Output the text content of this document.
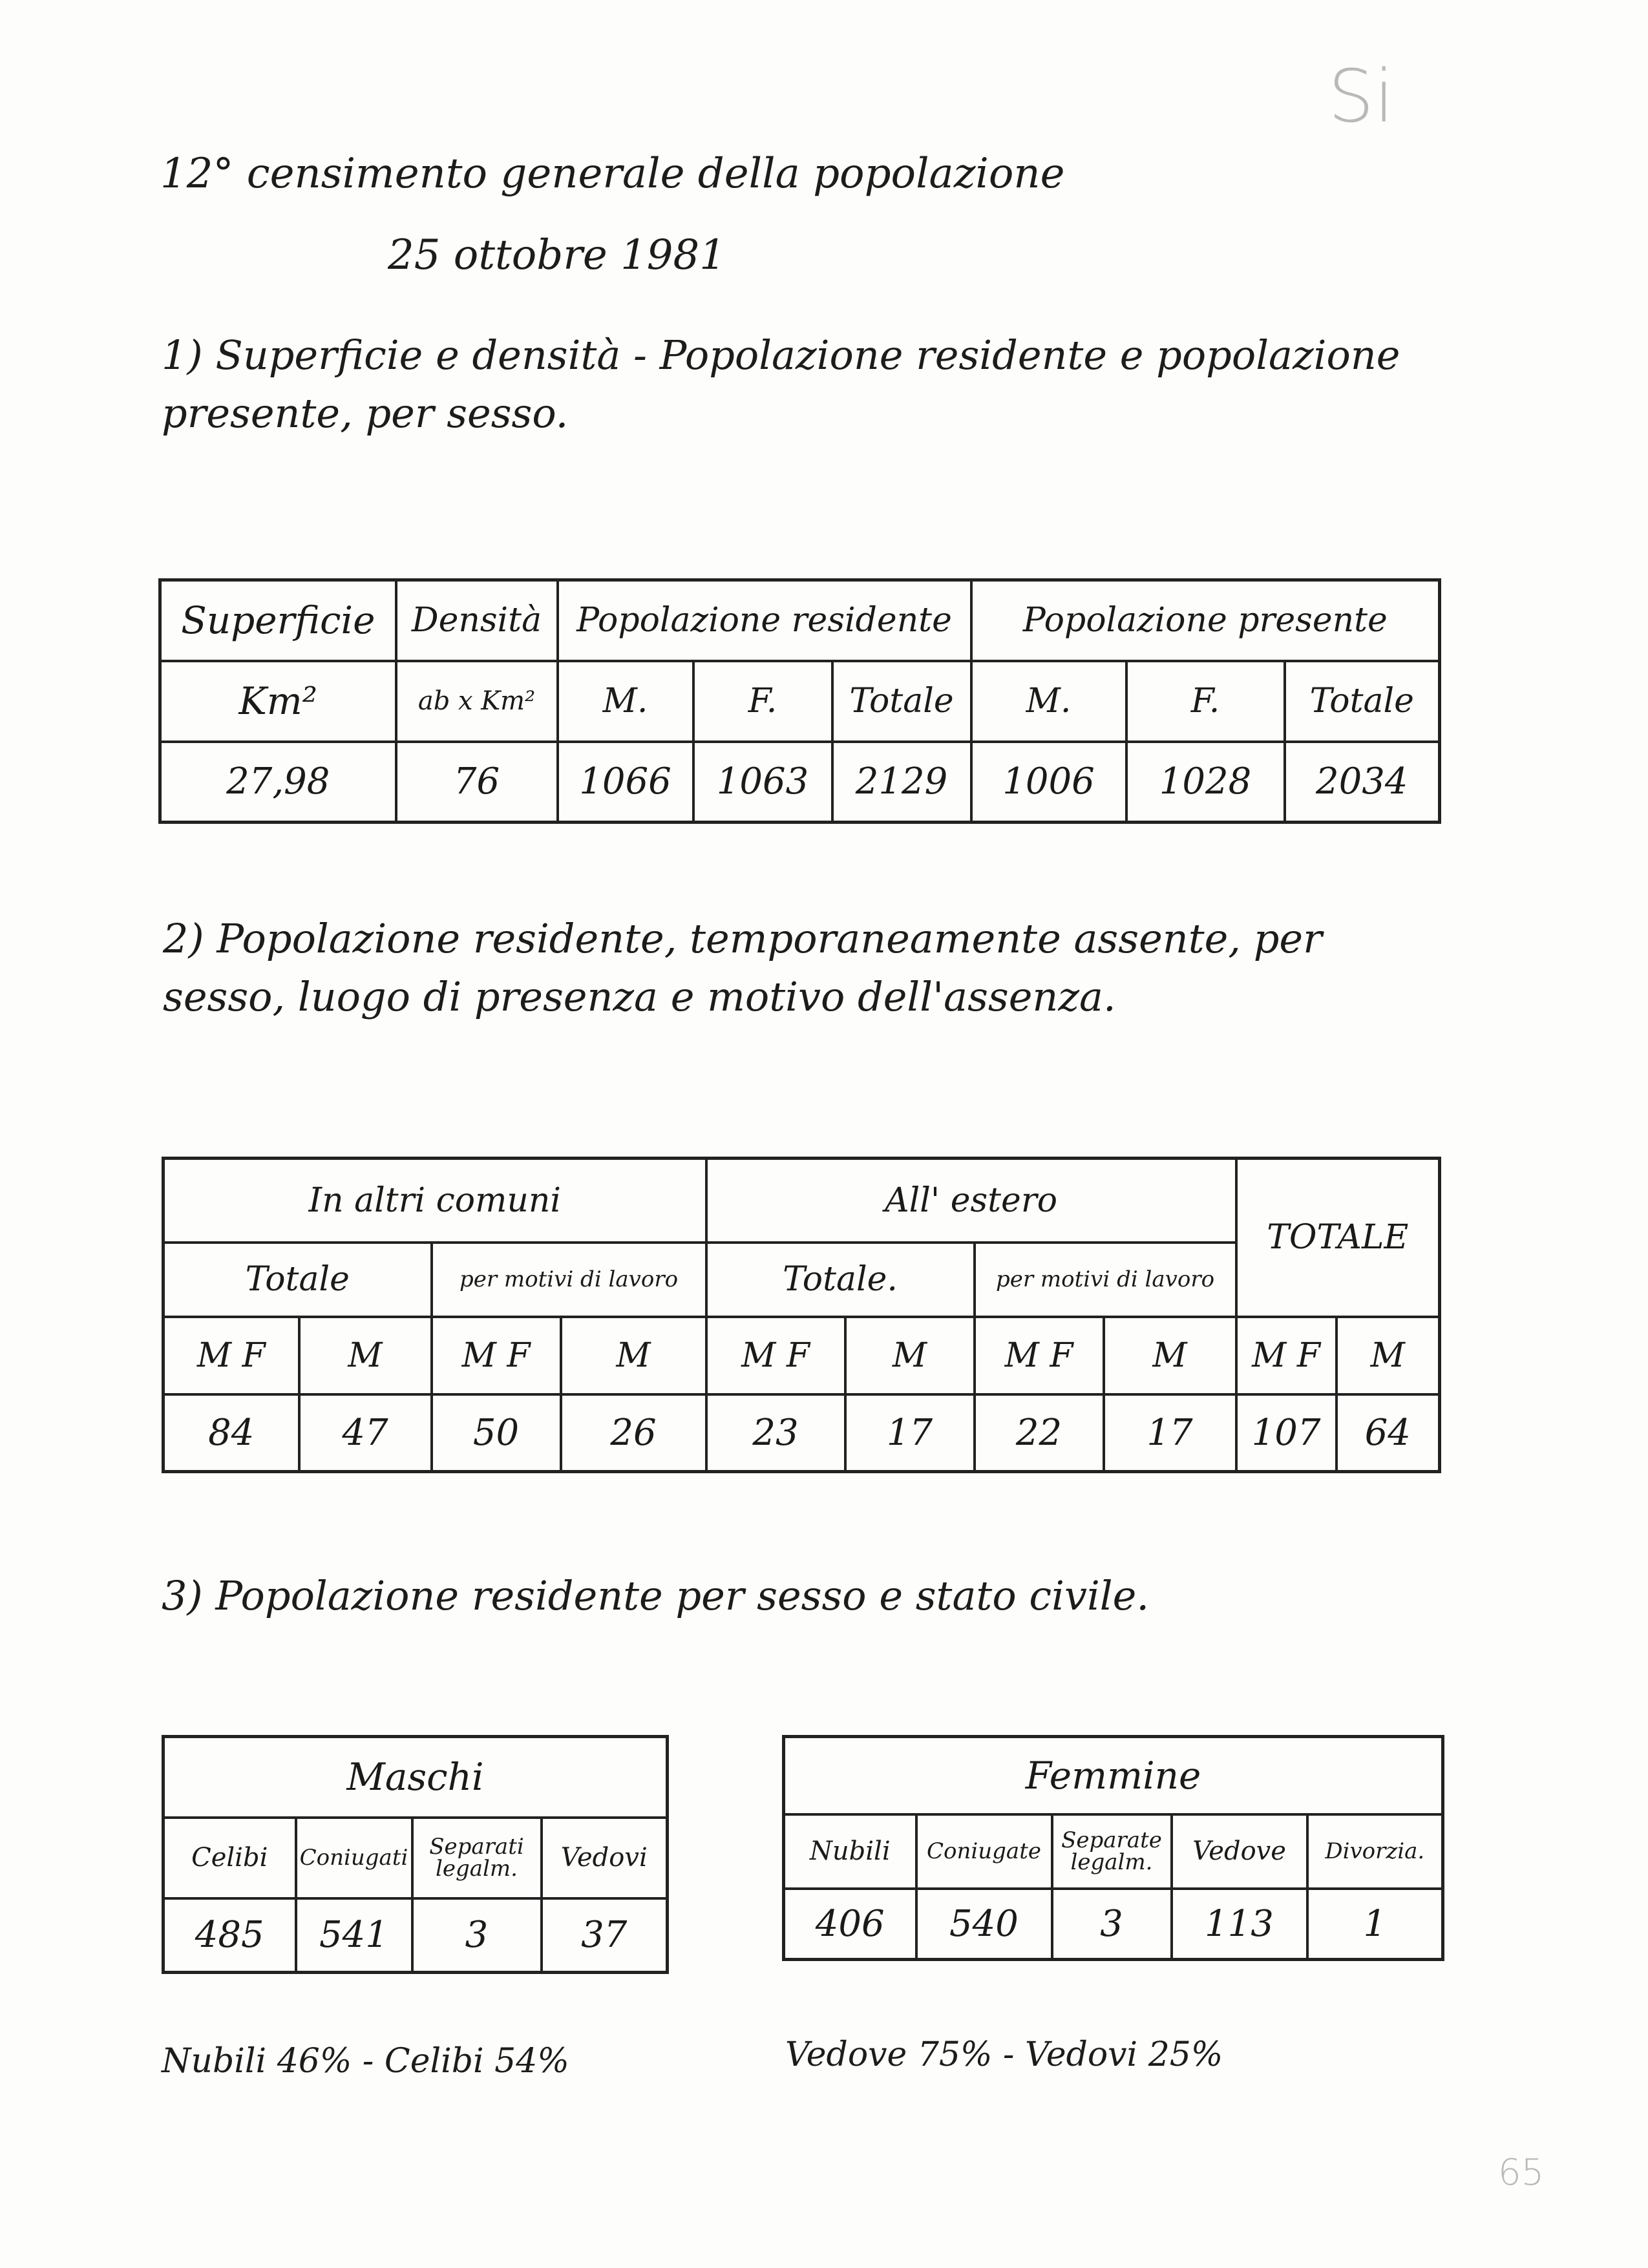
Si
12° censimento generale della popolazione
25 ottobre 1981
1) Superficie e densità - Popolazione residente e popolazione presente, per sesso.
Superficie	Densità	Popolazione residente			Popolazione presente		
Km²	ab x Km²	M.	F.	Totale	M.	F.	Totale
27,98	76	1066	1063	2129	1006	1028	2034
2) Popolazione residente, temporaneamente assente, per sesso, luogo di presenza e motivo dell'assenza.
In altri comuni				All' estero				TOTALE	
Totale		per motivi di lavoro		Totale.		per motivi di lavoro			
M F	M	M F	M	M F	M	M F	M	M F	M
84	47	50	26	23	17	22	17	107	64
3) Popolazione residente per sesso e stato civile.
Maschi			
Celibi	Coniugati	Separati legalm.	Vedovi
485	541	3	37
Femmine				
Nubili	Coniugate	Separate legalm.	Vedove	Divorzia.
406	540	3	113	1
Nubili 46% - Celibi 54%	Vedove 75% - Vedovi 25%
65
